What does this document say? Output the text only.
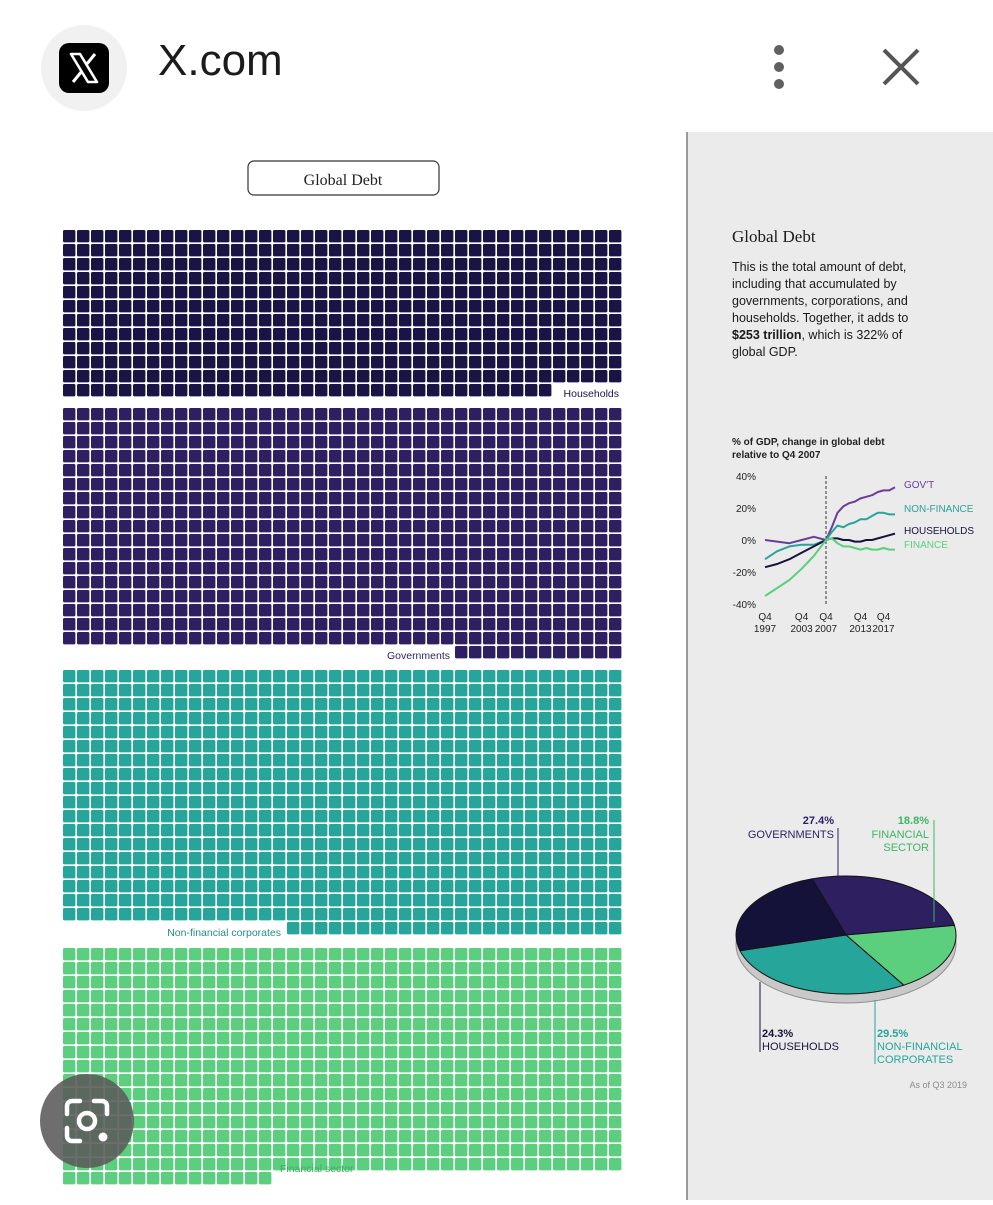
X.com
Global Debt
Households
Governments
Non-financial corporates
Financial sector
Global Debt
This is the total amount of debt,
including that accumulated by
governments, corporations, and
households. Together, it adds to
$253 trillion, which is 322% of
global GDP.
% of GDP, change in global debt
relative to Q4 2007
40%
20%
0%
-20%
-40%
Q4 1997
Q4 2003
Q4 2007
Q4 2013
Q4 2017
GOV'T
NON-FINANCE
HOUSEHOLDS
FINANCE
27.4%
GOVERNMENTS
18.8%
FINANCIAL
SECTOR
24.3%
HOUSEHOLDS
29.5%
NON-FINANCIAL
CORPORATES
As of Q3 2019
